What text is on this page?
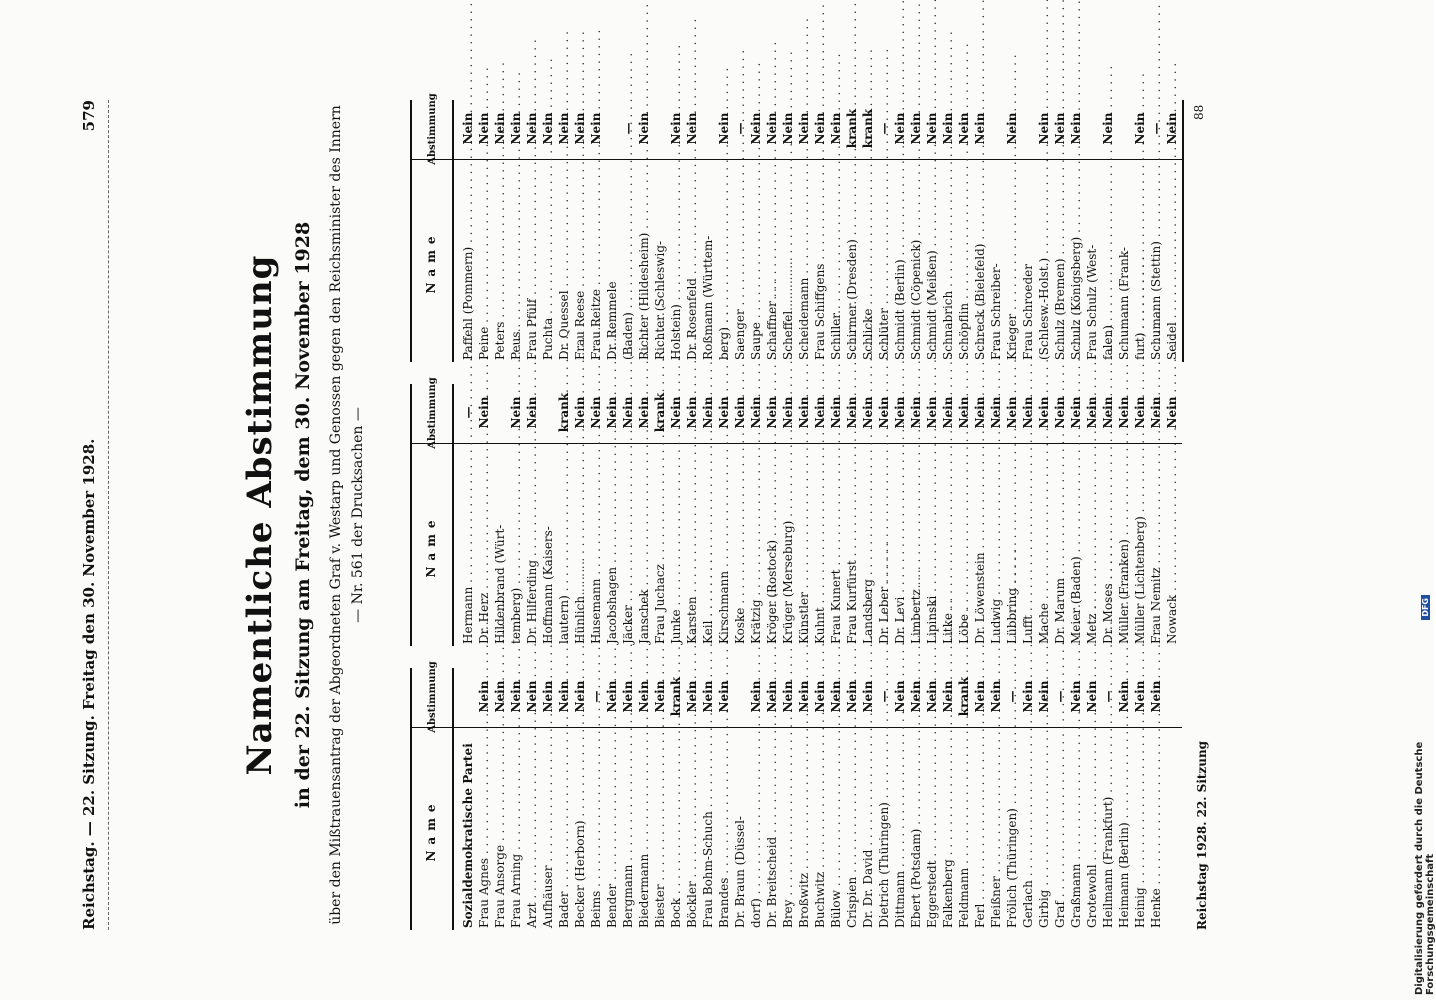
Reichstag. — 22. Sitzung. Freitag den 30. November 1928.
579
Namentliche Abstimmung in der 22. Sitzung am Freitag, dem 30. November 1928 über den Mißtrauensantrag der Abgeordneten Graf v. Westarp und Genossen gegen den Reichsminister des Innern — Nr. 561 der Drucksachen —
Name
Abstimmung
Sozialdemokratische Partei Frau Agnes . . .
Nein
Frau Ansorge . . .
Nein
Frau Arning . . .
Nein
Arzt . . .
Nein
Aufhäuser . . .
Nein
Bader . . .
Nein
Becker (Herborn) . . .
Nein
Beims . . .
—
Bender . . .
Nein
Bergmann . . .
Nein
Biedermann . . .
Nein
Biester . . .
Nein
Bock . . .
krank
Böckler . . .
Nein
Frau Bohm-Schuch . . .
Nein
Brandes . . .
Nein
Dr. Braun (Düssel- dorf) . . .
Nein
Dr. Breitscheid . . .
Nein
Brey . . .
Nein
Broßwitz . . .
Nein
Buchwitz . . .
Nein
Bülow . . .
Nein
Crispien . . .
Nein
Dr. Dr. David . . .
Nein
Dietrich (Thüringen) . . .
—
Dittmann . . .
Nein
Ebert (Potsdam) . . .
Nein
Eggerstedt . . .
Nein
Falkenberg . . .
Nein
Feldmann . . .
krank
Ferl . . .
Nein
Fleißner . . .
Nein
Frölich (Thüringen) . . .
—
Gerlach . . .
Nein
Girbig . . .
Nein
Graf . . .
—
Graßmann . . .
Nein
Grotewohl . . .
Nein
Heilmann (Frankfurt) . . .
—
Heimann (Berlin) . . .
Nein
Heinig . . .
Nein
Henke . . .
Nein
Name
Abstimmung
Hermann . . .
—
Dr. Herz . . .
Nein
Hildenbrand (Würt- temberg) . . .
Nein
Dr. Hilferding . . .
Nein
Hoffmann (Kaisers- lautern) . . .
krank
Hünlich . . .
Nein
Husemann . . .
Nein
Jacobshagen . . .
Nein
Jäcker . . .
Nein
Janschek . . .
Nein
Frau Juchacz . . .
krank
Junke . . .
Nein
Karsten . . .
Nein
Keil . . .
Nein
Kirschmann . . .
Nein
Koske . . .
Nein
Krätzig . . .
Nein
Kröger (Rostock) . . .
Nein
Krüger (Merseburg) . . .
Nein
Künstler . . .
Nein
Kuhnt . . .
Nein
Frau Kunert . . .
Nein
Frau Kurfürst . . .
Nein
Landsberg . . .
Nein
Dr. Leber . . .
Nein
Dr. Levi . . .
Nein
Limbertz . . .
Nein
Lipinski . . .
Nein
Litke . . .
Nein
Löbe . . .
Nein
Dr. Löwenstein . . .
Nein
Ludwig . . .
Nein
Lübbring . . .
Nein
Lufft . . .
Nein
Mache . . .
Nein
Dr. Marum . . .
Nein
Meier (Baden) . . .
Nein
Metz . . .
Nein
Dr. Moses . . .
Nein
Müller (Franken) . . .
Nein
Müller (Lichtenberg) . . .
Nein
Frau Nemitz . . .
Nein
Nowack . . .
Nein
Name
Abstimmung
Paffehl (Pommern) . . .
Nein
Peine . . .
Nein
Peters . . .
Nein
Peus . . .
Nein
Frau Pfülf . . .
Nein
Puchta . . .
Nein
Dr. Quessel . . .
Nein
Frau Reese . . .
Nein
Frau Reitze . . .
Nein
Dr. Remmele (Baden) . . .
—
Richter (Hildesheim) . . .
Nein
Richter (Schleswig- Holstein) . . .
Nein
Dr. Rosenfeld . . .
Nein
Roßmann (Württem- berg) . . .
Nein
Saenger . . .
—
Saupe . . .
Nein
Schaffner . . .
Nein
Scheffel . . .
Nein
Scheidemann . . .
Nein
Frau Schiffgens . . .
Nein
Schiller . . .
Nein
Schirmer (Dresden) . . .
krank
Schlicke . . .
krank
Schlüter . . .
—
Schmidt (Berlin) . . .
Nein
Schmidt (Cöpenick) . . .
Nein
Schmidt (Meißen) . . .
Nein
Schnabrich . . .
Nein
Schöpflin . . .
Nein
Schreck (Bielefeld) . . .
Nein
Frau Schreiber- Krieger . . .
Nein
Frau Schroeder (Schlesw.-Holst.) . . .
Nein
Schulz (Bremen) . . .
Nein
Schulz (Königsberg) . . .
Nein
Frau Schulz (West- falen) . . .
Nein
Schumann (Frank- furt) . . .
Nein
Schumann (Stettin) . . .
—
Seidel . . .
Nein
88
Reichstag 1928. 22. Sitzung	Digitalisierung gefördert durch die Deutsche Forschungsgemeinschaft
DFG
